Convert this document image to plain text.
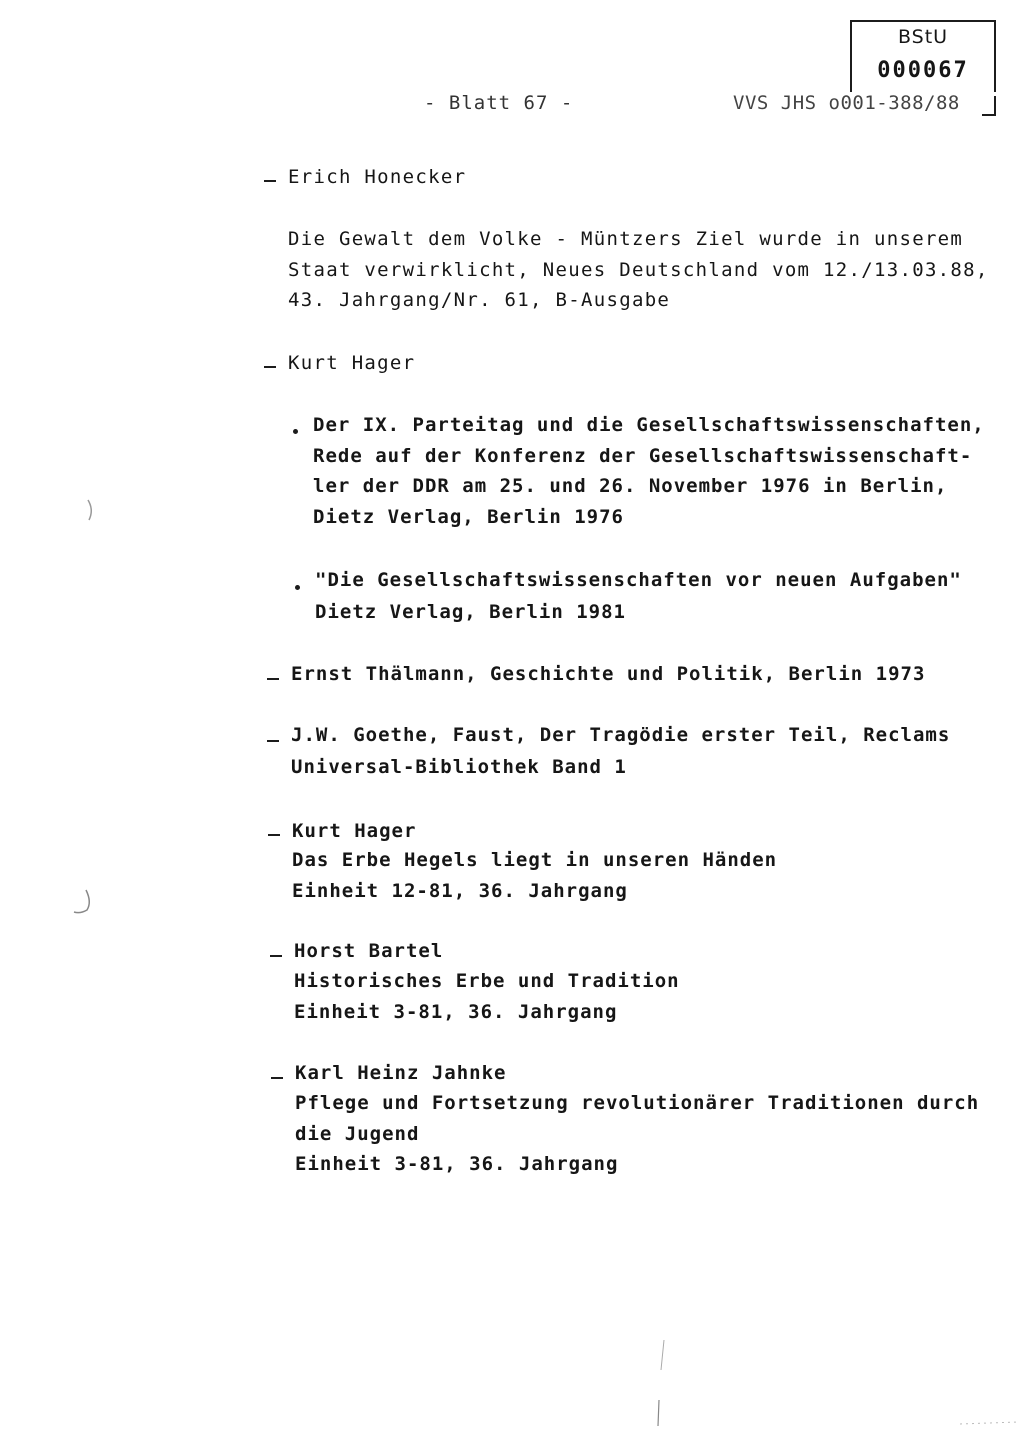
BStU
000067
- Blatt 67 -	VVS JHS o001-388/88
Erich Honecker
Die Gewalt dem Volke - Müntzers Ziel wurde in unserem
Staat verwirklicht, Neues Deutschland vom 12./13.03.88,
43. Jahrgang/Nr. 61, B-Ausgabe
Kurt Hager
Der IX. Parteitag und die Gesellschaftswissenschaften,
Rede auf der Konferenz der Gesellschaftswissenschaft-
ler der DDR am 25. und 26. November 1976 in Berlin,
Dietz Verlag, Berlin 1976
"Die Gesellschaftswissenschaften vor neuen Aufgaben"
Dietz Verlag, Berlin 1981
Ernst Thälmann, Geschichte und Politik, Berlin 1973
J.W. Goethe, Faust, Der Tragödie erster Teil, Reclams
Universal-Bibliothek Band 1
Kurt Hager
Das Erbe Hegels liegt in unseren Händen
Einheit 12-81, 36. Jahrgang
Horst Bartel
Historisches Erbe und Tradition
Einheit 3-81, 36. Jahrgang
Karl Heinz Jahnke
Pflege und Fortsetzung revolutionärer Traditionen durch
die Jugend
Einheit 3-81, 36. Jahrgang
